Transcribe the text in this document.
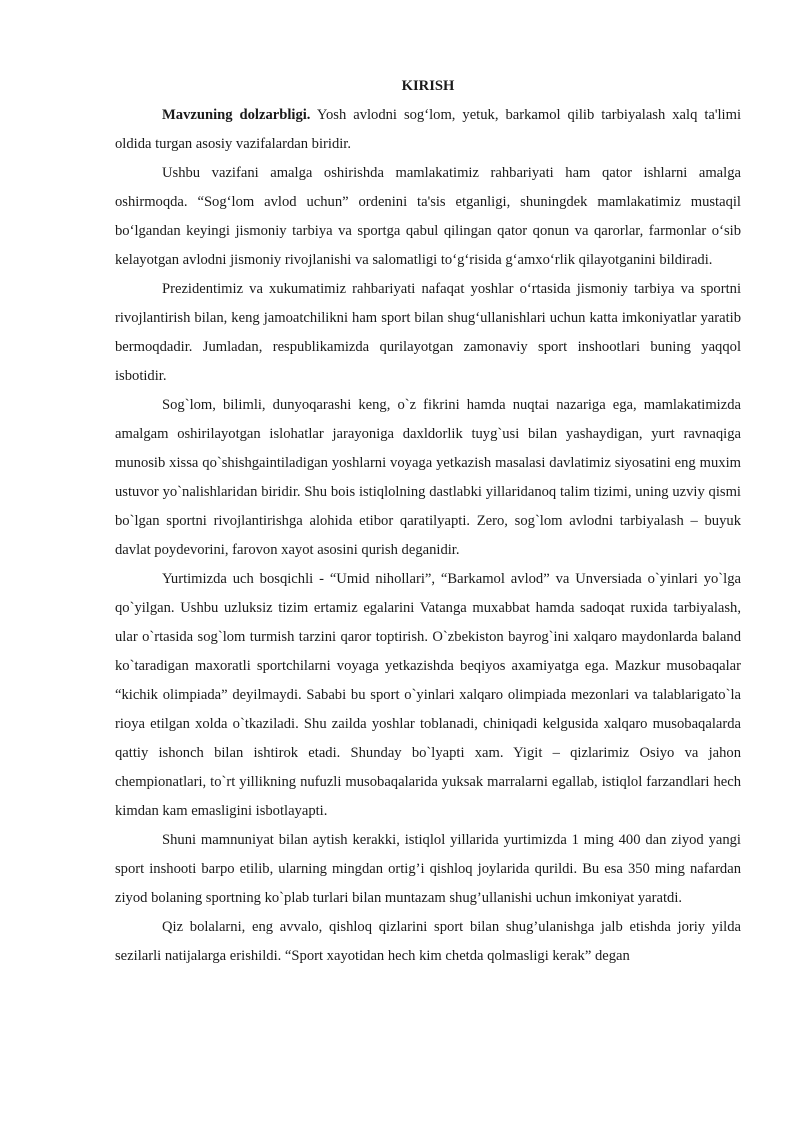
KIRISH

Mavzuning dolzarbligi. Yosh avlodni sog‘lom, yetuk, barkamol qilib tarbiyalash xalq ta'limi oldida turgan asosiy vazifalardan biridir.

Ushbu vazifani amalga oshirishda mamlakatimiz rahbariyati ham qator ishlarni amalga oshirmoqda. “Sog‘lom avlod uchun” ordenini ta'sis etganligi, shuningdek mamlakatimiz mustaqil bo‘lgandan keyingi jismoniy tarbiya va sportga qabul qilingan qator qonun va qarorlar, farmonlar o‘sib kelayotgan avlodni jismoniy rivojlanishi va salomatligi to‘g‘risida g‘amxo‘rlik qilayotganini bildiradi.

Prezidentimiz va xukumatimiz rahbariyati nafaqat yoshlar o‘rtasida jismoniy tarbiya va sportni rivojlantirish bilan, keng jamoatchilikni ham sport bilan shug‘ullanishlari uchun katta imkoniyatlar yaratib bermoqdadir. Jumladan, respublikamizda qurilayotgan zamonaviy sport inshootlari buning yaqqol isbotidir.

Sog`lom, bilimli, dunyoqarashi keng, o`z fikrini hamda nuqtai nazariga ega, mamlakatimizda amalgam oshirilayotgan islohatlar jarayoniga daxldorlik tuyg`usi bilan yashaydigan, yurt ravnaqiga munosib xissa qo`shishgaintiladigan yoshlarni voyaga yetkazish masalasi davlatimiz siyosatini eng muxim ustuvor yo`nalishlaridan biridir. Shu bois istiqlolning dastlabki yillaridanoq talim tizimi, uning uzviy qismi bo`lgan sportni rivojlantirishga alohida etibor qaratilyapti. Zero, sog`lom avlodni tarbiyalash – buyuk davlat poydevorini, farovon xayot asosini qurish deganidir.

Yurtimizda uch bosqichli - “Umid nihollari”, “Barkamol avlod” va Unversiada o`yinlari yo`lga qo`yilgan. Ushbu uzluksiz tizim ertamiz egalarini Vatanga muxabbat hamda sadoqat ruxida tarbiyalash, ular o`rtasida sog`lom turmish tarzini qaror toptirish. O`zbekiston bayrog`ini xalqaro maydonlarda baland ko`taradigan maxoratli sportchilarni voyaga yetkazishda beqiyos axamiyatga ega. Mazkur musobaqalar “kichik olimpiada” deyilmaydi. Sababi bu sport o`yinlari xalqaro olimpiada mezonlari va talablarigato`la rioya etilgan xolda o`tkaziladi. Shu zailda yoshlar toblanadi, chiniqadi kelgusida xalqaro musobaqalarda qattiy ishonch bilan ishtirok etadi. Shunday bo`lyapti xam. Yigit – qizlarimiz Osiyo va jahon chempionatlari, to`rt yillikning nufuzli musobaqalarida yuksak marralarni egallab, istiqlol farzandlari hech kimdan kam emasligini isbotlayapti.

Shuni mamnuniyat bilan aytish kerakki, istiqlol yillarida yurtimizda 1 ming 400 dan ziyod yangi sport inshooti barpo etilib, ularning mingdan ortig’i qishloq joylarida qurildi. Bu esa 350 ming nafardan ziyod bolaning sportning ko`plab turlari bilan muntazam shug’ullanishi uchun imkoniyat yaratdi.

Qiz bolalarni, eng avvalo, qishloq qizlarini sport bilan shug’ulanishga jalb etishda joriy yilda sezilarli natijalarga erishildi. “Sport xayotidan hech kim chetda qolmasligi kerak” degan
